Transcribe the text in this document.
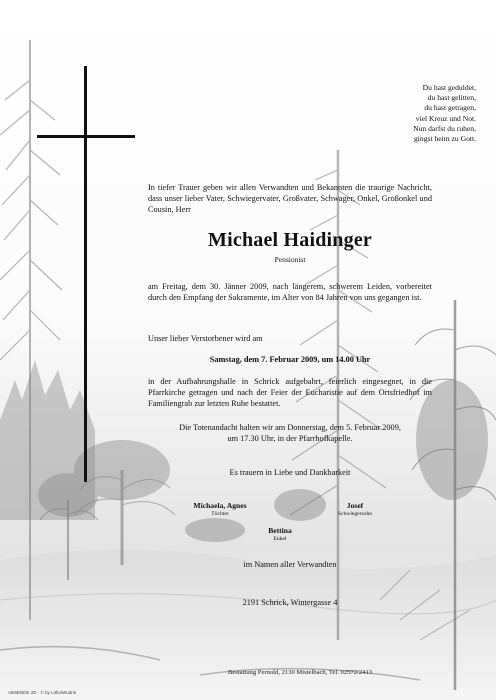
Du hast geduldet,
du hast gelitten,
du hast getragen,
viel Kreuz und Not.
Nun darfst du ruhen,
gingst heim zu Gott.
In tiefer Trauer geben wir allen Verwandten und Bekannten die traurige Nachricht, dass unser lieber Vater, Schwiegervater, Großvater, Schwager, Onkel, Großonkel und Cousin, Herr
Michael Haidinger
Pensionist
am Freitag, dem 30. Jänner 2009, nach längerem, schwerem Leiden, vorbereitet durch den Empfang der Sakramente, im Alter von 84 Jahren von uns gegangen ist.
Unser lieber Verstorbener wird am
Samstag, dem 7. Februar 2009, um 14.00 Uhr
in der Aufbahrungshalle in Schrick aufgebahrt, feierlich eingesegnet, in die Pfarrkirche getragen und nach der Feier der Eucharistie auf dem Ortsfriedhof im Familiengrab zur letzten Ruhe bestattet.
Die Totenandacht halten wir am Donnerstag, dem 5. Februar 2009,
um 17.30 Uhr, in der Pfarrhofkapelle.
Es trauern in Liebe und Dankbarkeit
Michaela, Agnes
Töchter
Josef
Schwiegersohn
Bettina
Enkel
im Namen aller Verwandten
2191 Schrick, Wintergasse 4
Bestattung Pernold, 2130 Mistelbach, Tel. 02572/2413
ABSENDE 2D - © by Litho/Wudrie
